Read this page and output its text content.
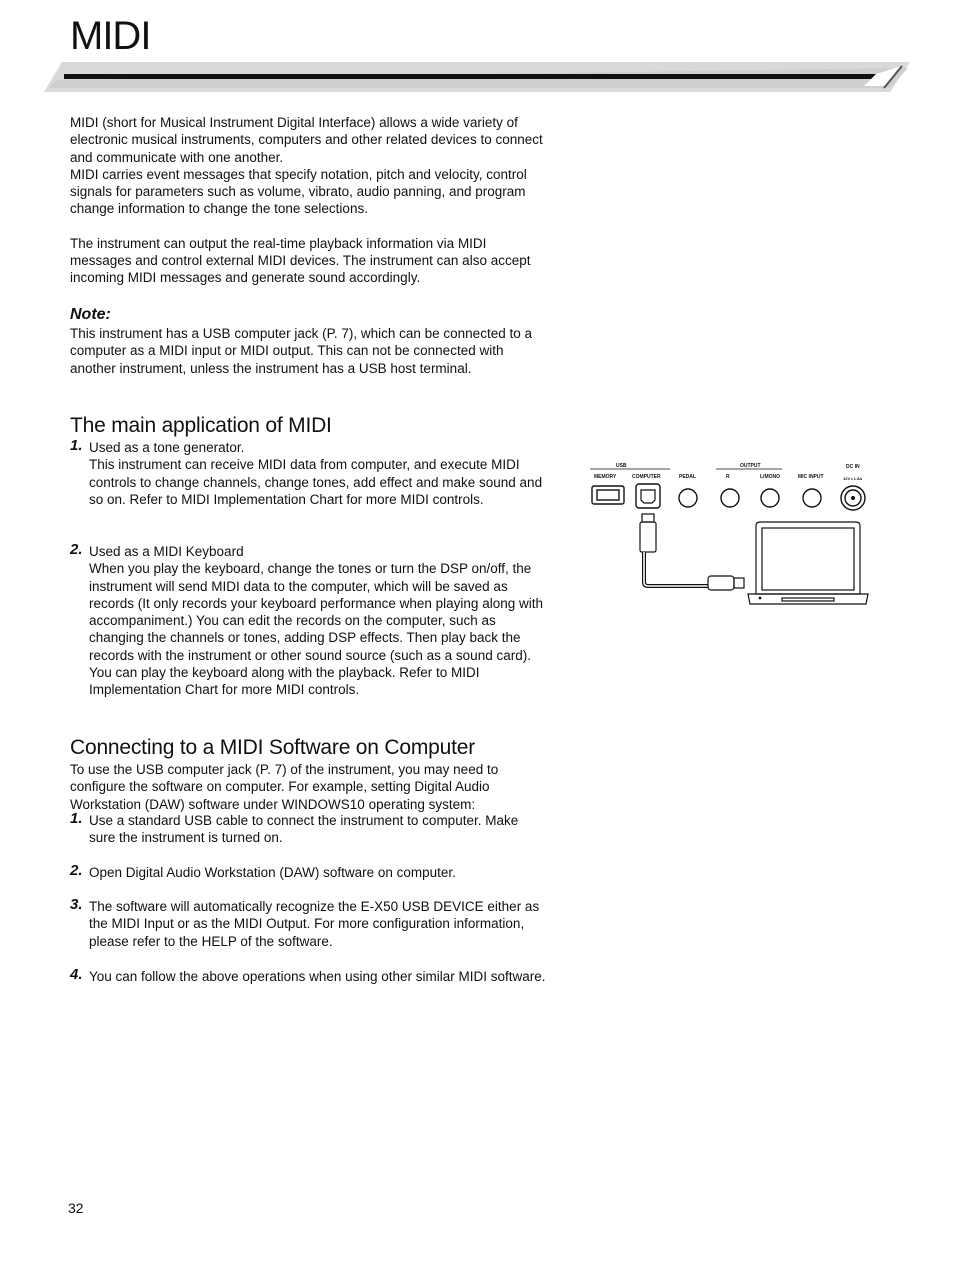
MIDI

MIDI (short for Musical Instrument Digital Interface) allows a wide variety of electronic musical instruments, computers and other related devices to connect and communicate with one another.

MIDI carries event messages that specify notation, pitch and velocity, control signals for parameters such as volume, vibrato, audio panning, and program change information to change the tone selections.

The instrument can output the real-time playback information via MIDI messages and control external MIDI devices. The instrument can also accept incoming MIDI messages and generate sound accordingly.

Note:

This instrument has a USB computer jack (P. 7), which can be connected to a computer as a MIDI input or MIDI output. This can not be connected with another instrument, unless the instrument has a USB host terminal.

The main application of MIDI
1. Used as a tone generator.

This instrument can receive MIDI data from computer, and execute MIDI controls to change channels, change tones, add effect and make sound and so on. Refer to MIDI Implementation Chart for more MIDI controls.

2. Used as a MIDI Keyboard

When you play the keyboard, change the tones or turn the DSP on/off, the instrument will send MIDI data to the computer, which will be saved as records (It only records your keyboard performance when playing along with accompaniment.) You can edit the records on the computer, such as changing the channels or tones, adding DSP effects. Then play back the records with the instrument or other sound source (such as a sound card). You can play the keyboard along with the playback. Refer to MIDI Implementation Chart for more MIDI controls.

Connecting to a MIDI Software on Computer
To use the USB computer jack (P. 7) of the instrument, you may need to configure the software on computer. For example, setting Digital Audio Workstation (DAW) software under WINDOWS10 operating system:
1. Use a standard USB cable to connect the instrument to computer. Make sure the instrument is turned on.

2. Open Digital Audio Workstation (DAW) software on computer.

3. The software will automatically recognize the E-X50 USB DEVICE either as the MIDI Input or as the MIDI Output. For more configuration information, please refer to the HELP of the software.

4. You can follow the above operations when using other similar MIDI software.

USB
MEMORY	COMPUTER	PEDAL
OUTPUT
R	L/MONO	MIC INPUT
DC IN
12V ⏓ 1.5A
32
